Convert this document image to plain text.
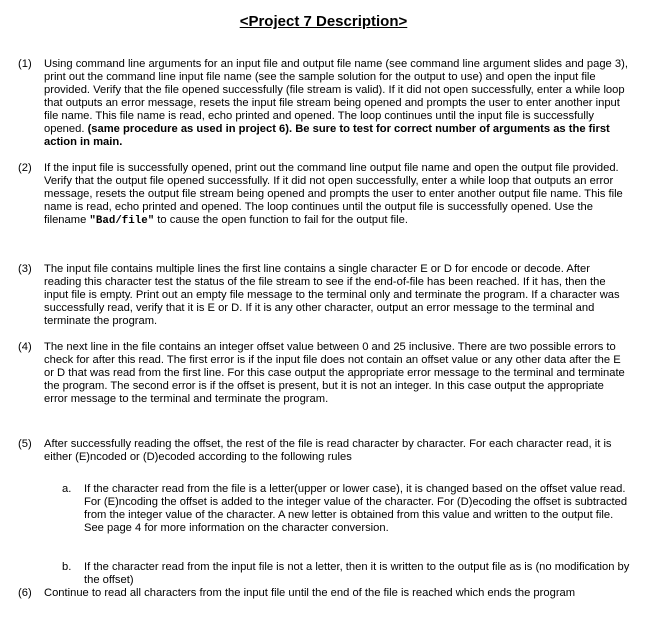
<Project 7 Description>
(1) Using command line arguments for an input file and output file name (see command line argument slides and page 3), print out the command line input file name (see the sample solution for the output to use) and open the input file provided. Verify that the file opened successfully (file stream is valid). If it did not open successfully, enter a while loop that outputs an error message, resets the input file stream being opened and prompts the user to enter another input file name. This file name is read, echo printed and opened. The loop continues until the input file is successfully opened. (same procedure as used in project 6). Be sure to test for correct number of arguments as the first action in main.
(2) If the input file is successfully opened, print out the command line output file name and open the output file provided. Verify that the output file opened successfully. If it did not open successfully, enter a while loop that outputs an error message, resets the output file stream being opened and prompts the user to enter another output file name. This file name is read, echo printed and opened. The loop continues until the output file is successfully opened. Use the filename "Bad/file" to cause the open function to fail for the output file.
(3) The input file contains multiple lines the first line contains a single character E or D for encode or decode. After reading this character test the status of the file stream to see if the end-of-file has been reached. If it has, then the input file is empty. Print out an empty file message to the terminal only and terminate the program. If a character was successfully read, verify that it is E or D. If it is any other character, output an error message to the terminal and terminate the program.
(4) The next line in the file contains an integer offset value between 0 and 25 inclusive. There are two possible errors to check for after this read. The first error is if the input file does not contain an offset value or any other data after the E or D that was read from the first line. For this case output the appropriate error message to the terminal and terminate the program. The second error is if the offset is present, but it is not an integer. In this case output the appropriate error message to the terminal and terminate the program.
(5) After successfully reading the offset, the rest of the file is read character by character. For each character read, it is either (E)ncoded or (D)ecoded according to the following rules
a. If the character read from the file is a letter(upper or lower case), it is changed based on the offset value read. For (E)ncoding the offset is added to the integer value of the character. For (D)ecoding the offset is subtracted from the integer value of the character. A new letter is obtained from this value and written to the output file. See page 4 for more information on the character conversion.
b. If the character read from the input file is not a letter, then it is written to the output file as is (no modification by the offset)
(6) Continue to read all characters from the input file until the end of the file is reached which ends the program
